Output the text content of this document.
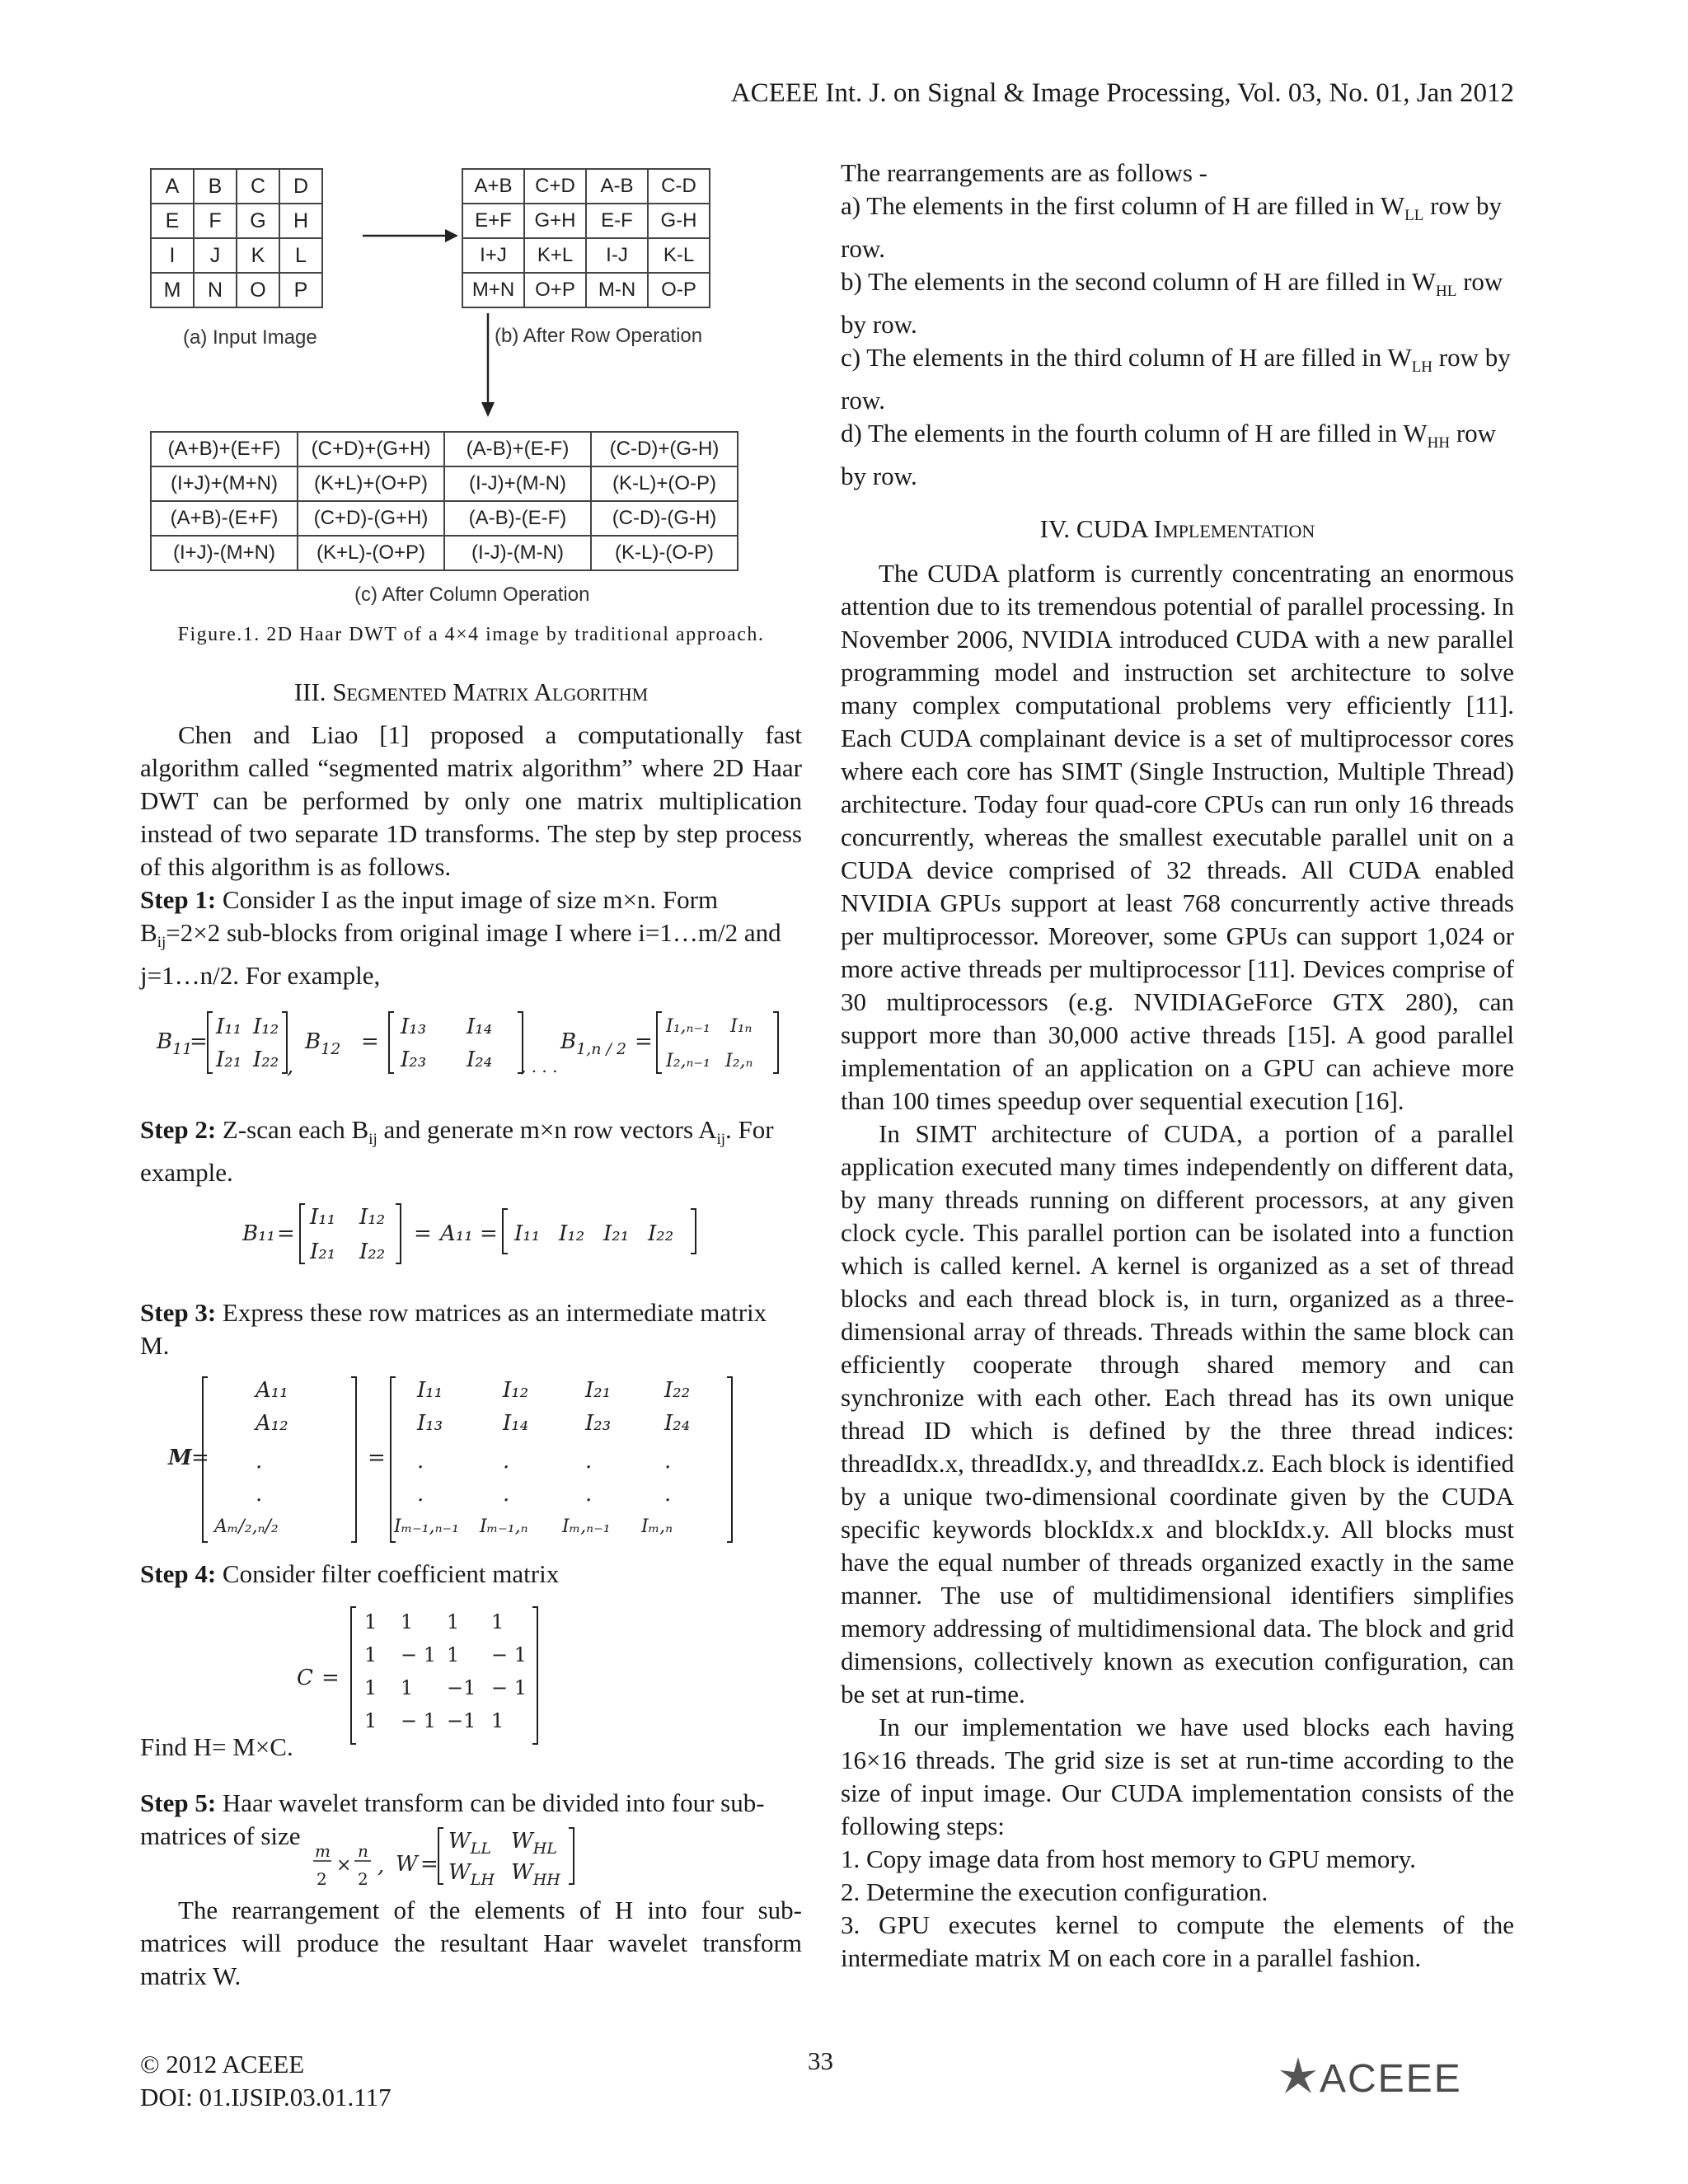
ACEEE Int. J. on Signal & Image Processing, Vol. 03, No. 01, Jan 2012
A	B	C	D
E	F	G	H
I	J	K	L
M	N	O	P
A+B	C+D	A-B	C-D
E+F	G+H	E-F	G-H
I+J	K+L	I-J	K-L
M+N	O+P	M-N	O-P
(A+B)+(E+F)	(C+D)+(G+H)	(A-B)+(E-F)	(C-D)+(G-H)
(I+J)+(M+N)	(K+L)+(O+P)	(I-J)+(M-N)	(K-L)+(O-P)
(A+B)-(E+F)	(C+D)-(G+H)	(A-B)-(E-F)	(C-D)-(G-H)
(I+J)-(M+N)	(K+L)-(O+P)	(I-J)-(M-N)	(K-L)-(O-P)
(a) Input Image	(b) After Row Operation
(c) After Column Operation

Figure.1. 2D Haar DWT of a 4×4 image by traditional approach.

III. Segmented Matrix Algorithm

Chen and Liao [1] proposed a computationally fast algorithm called “segmented matrix algorithm” where 2D Haar DWT can be performed by only one matrix multiplication instead of two separate 1D transforms. The step by step process of this algorithm is as follows.

Step 1: Consider I as the input image of size m×n. Form $B_{ij}=2\times 2$ sub-blocks from original image I where i=1…m/2 and j=1…n/2. For example,

$B_{11}$
=
I₁₁ I₁₂
I₂₁ I₂₂ ,
$B_{12}$ =
I₁₃ I₁₄
I₂₃ I₂₄ , . . .
$B_{1,n / 2}$ =
I₁,ₙ₋₁ I₁ₙ
I₂,ₙ₋₁ I₂,ₙ

Step 2: Z-scan each $B_{ij}$ and generate m×n row vectors $A_{ij}$. For example.

B₁₁ =
I₁₁ I₁₂
I₂₁ I₂₂
= A₁₁ = I₁₁ I₁₂ I₂₁ I₂₂

Step 3: Express these row matrices as an intermediate matrix M.

M =	=
A₁₁
A₁₂
.
.
Aₘ/₂,ₙ/₂
I₁₁	I₁₂	I₂₁ I₂₂
I₁₃	I₁₄	I₂₃ I₂₄
.	.	.	.
.	.	.	.
Iₘ₋₁,ₙ₋₁ Iₘ₋₁,ₙ Iₘ,ₙ₋₁ Iₘ,ₙ

Step 4: Consider filter coefficient matrix

C =
1 1 1 1
1 − 1 1 − 1
1 1 −1 − 1
1 − 1 −1 1
Find H= M×C.

Step 5: Haar wavelet transform can be divided into four sub-matrices of size

m
2
×
n
2
, W =
$W_{LL}$ $W_{HL}$
$W_{LH}$ $W_{HH}$

The rearrangement of the elements of H into four sub-matrices will produce the resultant Haar wavelet transform matrix W.

The rearrangements are as follows -

a) The elements in the first column of H are filled in $W_{LL}$ row by row.

b) The elements in the second column of H are filled in $W_{HL}$ row by row.

c) The elements in the third column of H are filled in $W_{LH}$ row by row.

d) The elements in the fourth column of H are filled in $W_{HH}$ row by row.

IV. CUDA Implementation

The CUDA platform is currently concentrating an enormous attention due to its tremendous potential of parallel processing. In November 2006, NVIDIA introduced CUDA with a new parallel programming model and instruction set architecture to solve many complex computational problems very efficiently [11]. Each CUDA complainant device is a set of multiprocessor cores where each core has SIMT (Single Instruction, Multiple Thread) architecture. Today four quad-core CPUs can run only 16 threads concurrently, whereas the smallest executable parallel unit on a CUDA device comprised of 32 threads. All CUDA enabled NVIDIA GPUs support at least 768 concurrently active threads per multiprocessor. Moreover, some GPUs can support 1,024 or more active threads per multiprocessor [11]. Devices comprise of 30 multiprocessors (e.g. NVIDIAGeForce GTX 280), can support more than 30,000 active threads [15]. A good parallel implementation of an application on a GPU can achieve more than 100 times speedup over sequential execution [16].

In SIMT architecture of CUDA, a portion of a parallel application executed many times independently on different data, by many threads running on different processors, at any given clock cycle. This parallel portion can be isolated into a function which is called kernel. A kernel is organized as a set of thread blocks and each thread block is, in turn, organized as a three-dimensional array of threads. Threads within the same block can efficiently cooperate through shared memory and can synchronize with each other. Each thread has its own unique thread ID which is defined by the three thread indices: threadIdx.x, threadIdx.y, and threadIdx.z. Each block is identified by a unique two-dimensional coordinate given by the CUDA specific keywords blockIdx.x and blockIdx.y. All blocks must have the equal number of threads organized exactly in the same manner. The use of multidimensional identifiers simplifies memory addressing of multidimensional data. The block and grid dimensions, collectively known as execution configuration, can be set at run-time.

In our implementation we have used blocks each having 16×16 threads. The grid size is set at run-time according to the size of input image. Our CUDA implementation consists of the following steps:

1. Copy image data from host memory to GPU memory.

2. Determine the execution configuration.

3. GPU executes kernel to compute the elements of the intermediate matrix M on each core in a parallel fashion.

© 2012 ACEEE
DOI: 01.IJSIP.03.01.117
33	ACEEE
